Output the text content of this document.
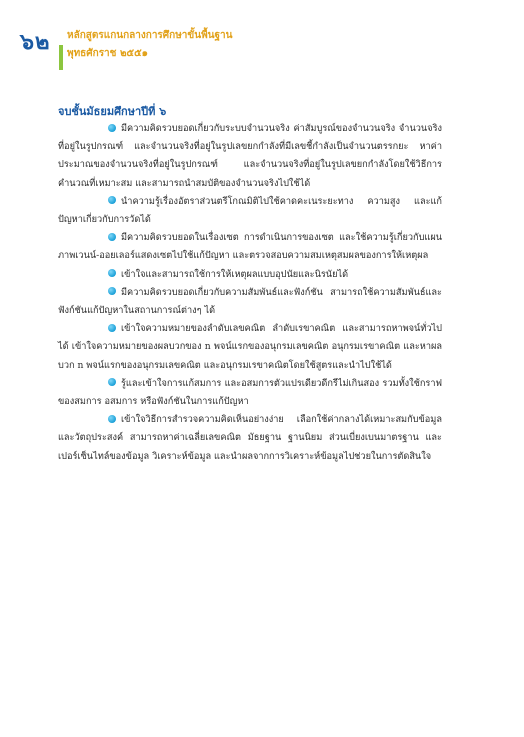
๖๒ หลักสูตรแกนกลางการศึกษาขั้นพื้นฐาน
พุทธศักราช ๒๕๕๑
จบชั้นมัธยมศึกษาปีที่ ๖

มีความคิดรวบยอดเกี่ยวกับระบบจำนวนจริง ค่าสัมบูรณ์ของจำนวนจริง จำนวนจริงที่อยู่ในรูปกรณฑ์ และจำนวนจริงที่อยู่ในรูปเลขยกกำลังที่มีเลขชี้กำลังเป็นจำนวนตรรกยะ หาค่าประมาณของจำนวนจริงที่อยู่ในรูปกรณฑ์ และจำนวนจริงที่อยู่ในรูปเลขยกกำลังโดยใช้วิธีการคำนวณที่เหมาะสม และสามารถนำสมบัติของจำนวนจริงไปใช้ได้

นำความรู้เรื่องอัตราส่วนตรีโกณมิติไปใช้คาดคะเนระยะทาง ความสูง และแก้ปัญหาเกี่ยวกับการวัดได้

มีความคิดรวบยอดในเรื่องเซต การดำเนินการของเซต และใช้ความรู้เกี่ยวกับแผนภาพเวนน์-ออยเลอร์แสดงเซตไปใช้แก้ปัญหา และตรวจสอบความสมเหตุสมผลของการให้เหตุผล

เข้าใจและสามารถใช้การให้เหตุผลแบบอุปนัยและนิรนัยได้

มีความคิดรวบยอดเกี่ยวกับความสัมพันธ์และฟังก์ชัน สามารถใช้ความสัมพันธ์และฟังก์ชันแก้ปัญหาในสถานการณ์ต่างๆ ได้

เข้าใจความหมายของลำดับเลขคณิต ลำดับเรขาคณิต และสามารถหาพจน์ทั่วไปได้ เข้าใจความหมายของผลบวกของ n พจน์แรกของอนุกรมเลขคณิต อนุกรมเรขาคณิต และหาผลบวก n พจน์แรกของอนุกรมเลขคณิต และอนุกรมเรขาคณิตโดยใช้สูตรและนำไปใช้ได้

รู้และเข้าใจการแก้สมการ และอสมการตัวแปรเดียวดีกรีไม่เกินสอง รวมทั้งใช้กราฟของสมการ อสมการ หรือฟังก์ชันในการแก้ปัญหา

เข้าใจวิธีการสำรวจความคิดเห็นอย่างง่าย เลือกใช้ค่ากลางได้เหมาะสมกับข้อมูลและวัตถุประสงค์ สามารถหาค่าเฉลี่ยเลขคณิต มัธยฐาน ฐานนิยม ส่วนเบี่ยงเบนมาตรฐาน และเปอร์เซ็นไทล์ของข้อมูล วิเคราะห์ข้อมูล และนำผลจากการวิเคราะห์ข้อมูลไปช่วยในการตัดสินใจ
